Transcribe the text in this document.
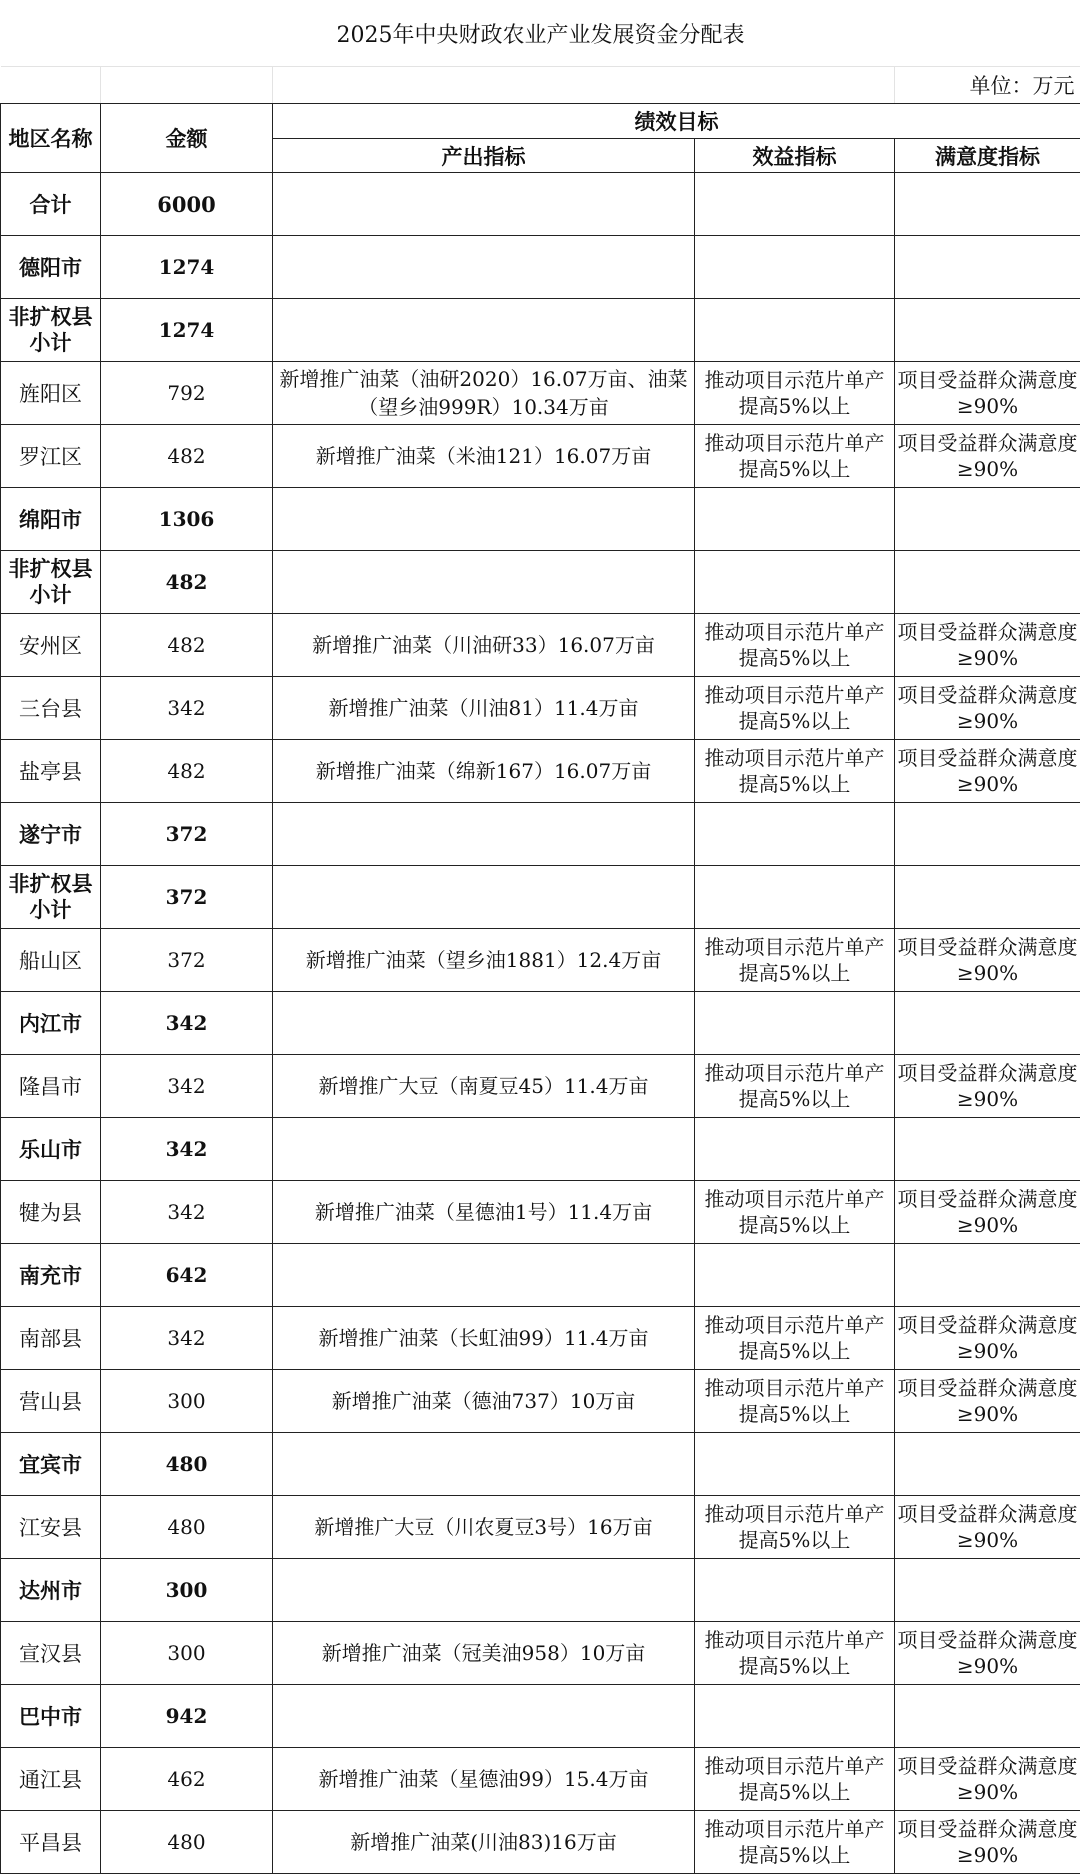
2025年中央财政农业产业发展资金分配表				
				单位：万元
地区名称	金额	绩效目标		
		产出指标	效益指标	满意度指标
合计	6000			
德阳市	1274			
非扩权县小计	1274			
旌阳区	792	新增推广油菜（油研2020）16.07万亩、油菜（望乡油999R）10.34万亩	推动项目示范片单产提高5%以上	项目受益群众满意度≥90%
罗江区	482	新增推广油菜（米油121）16.07万亩	推动项目示范片单产提高5%以上	项目受益群众满意度≥90%
绵阳市	1306			
非扩权县小计	482			
安州区	482	新增推广油菜（川油研33）16.07万亩	推动项目示范片单产提高5%以上	项目受益群众满意度≥90%
三台县	342	新增推广油菜（川油81）11.4万亩	推动项目示范片单产提高5%以上	项目受益群众满意度≥90%
盐亭县	482	新增推广油菜（绵新167）16.07万亩	推动项目示范片单产提高5%以上	项目受益群众满意度≥90%
遂宁市	372			
非扩权县小计	372			
船山区	372	新增推广油菜（望乡油1881）12.4万亩	推动项目示范片单产提高5%以上	项目受益群众满意度≥90%
内江市	342			
隆昌市	342	新增推广大豆（南夏豆45）11.4万亩	推动项目示范片单产提高5%以上	项目受益群众满意度≥90%
乐山市	342			
犍为县	342	新增推广油菜（星德油1号）11.4万亩	推动项目示范片单产提高5%以上	项目受益群众满意度≥90%
南充市	642			
南部县	342	新增推广油菜（长虹油99）11.4万亩	推动项目示范片单产提高5%以上	项目受益群众满意度≥90%
营山县	300	新增推广油菜（德油737）10万亩	推动项目示范片单产提高5%以上	项目受益群众满意度≥90%
宜宾市	480			
江安县	480	新增推广大豆（川农夏豆3号）16万亩	推动项目示范片单产提高5%以上	项目受益群众满意度≥90%
达州市	300			
宣汉县	300	新增推广油菜（冠美油958）10万亩	推动项目示范片单产提高5%以上	项目受益群众满意度≥90%
巴中市	942			
通江县	462	新增推广油菜（星德油99）15.4万亩	推动项目示范片单产提高5%以上	项目受益群众满意度≥90%
平昌县	480	新增推广油菜(川油83)16万亩	推动项目示范片单产提高5%以上	项目受益群众满意度≥90%
